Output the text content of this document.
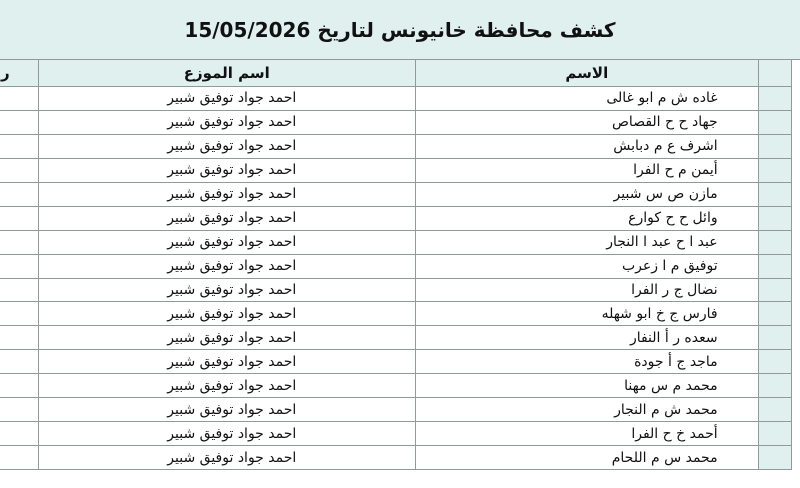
كشف محافظة خانيونس لتاريخ 15/05/2026
	الاسم	اسم الموزع	ر
	غاده ش م ابو غالى	احمد جواد توفيق شبير	
	جهاد ح ح القصاص	احمد جواد توفيق شبير	
	اشرف ع م دبابش	احمد جواد توفيق شبير	
	أيمن م ح الفرا	احمد جواد توفيق شبير	
	مازن ص س شبير	احمد جواد توفيق شبير	
	وائل ح ح كوارع	احمد جواد توفيق شبير	
	عبد ا ح عبد ا النجار	احمد جواد توفيق شبير	
	توفيق م ا زعرب	احمد جواد توفيق شبير	
	نضال ج ر الفرا	احمد جواد توفيق شبير	
	فارس ج خ ابو شهله	احمد جواد توفيق شبير	
	سعده ر أ النفار	احمد جواد توفيق شبير	
	ماجد ج أ جودة	احمد جواد توفيق شبير	
	محمد م س مهنا	احمد جواد توفيق شبير	
	محمد ش م النجار	احمد جواد توفيق شبير	
	أحمد خ ح الفرا	احمد جواد توفيق شبير	
	محمد س م اللحام	احمد جواد توفيق شبير	
